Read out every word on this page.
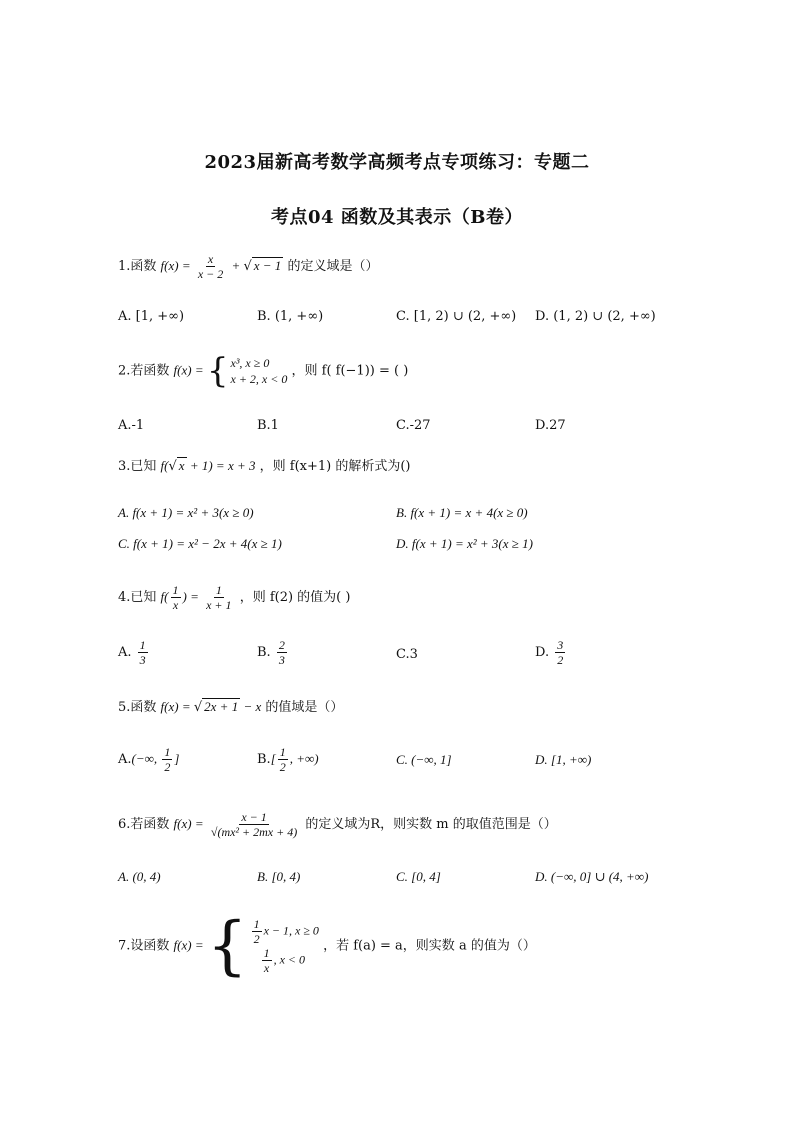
2023届新高考数学高频考点专项练习：专题二
考点04 函数及其表示（B卷）
1.函数 $f(x) = \frac{x}{x - 2}$ + √ x − 1 的定义域是（）
A. [1, +∞)	B. (1, +∞)	C. [1, 2) ∪ (2, +∞) D. (1, 2) ∪ (2, +∞)
2.若函数 f(x) = { x³, x ≥ 0
x + 2, x < 0
，则 f( f(−1)) = ( )
A.-1	B.1	C.-27	D.27
3.已知 f(√ x + 1) = x + 3 ，则 f(x+1) 的解析式为()
A. f(x + 1) = x² + 3(x ≥ 0)	B. f(x + 1) = x + 4(x ≥ 0)
C. f(x + 1) = x² − 2x + 4(x ≥ 1)	D. f(x + 1) = x² + 3(x ≥ 1)
4.已知 $f( \frac{1}{x}$ ) = $\frac{1}{x + 1}$ ，则 f(2) 的值为( )
A. $\frac{1}{3}$	B. $\frac{2}{3}$	C.3	D. $\frac{3}{2}$
5.函数 f(x) = √ 2x + 1 − x 的值域是（）
A.(−∞, $\frac{1}{2}$ ]	$B.[ \frac{1}{2}$ , +∞)	C. (−∞, 1]	D. [1, +∞)
6.若函数 $f(x) = \frac{x - 1}{\text{√(mx² + 2mx + 4)}}$ 的定义域为R，则实数 m 的取值范围是（）
A. (0, 4)	B. [0, 4)	C. [0, 4]	D. (−∞, 0] ∪ (4, +∞)
7.设函数 f(x) = { $\frac{1}{2}$ x − 1, x ≥ 0
$\frac{1}{x}$ , x < 0
，若 f(a) = a，则实数 a 的值为（）
